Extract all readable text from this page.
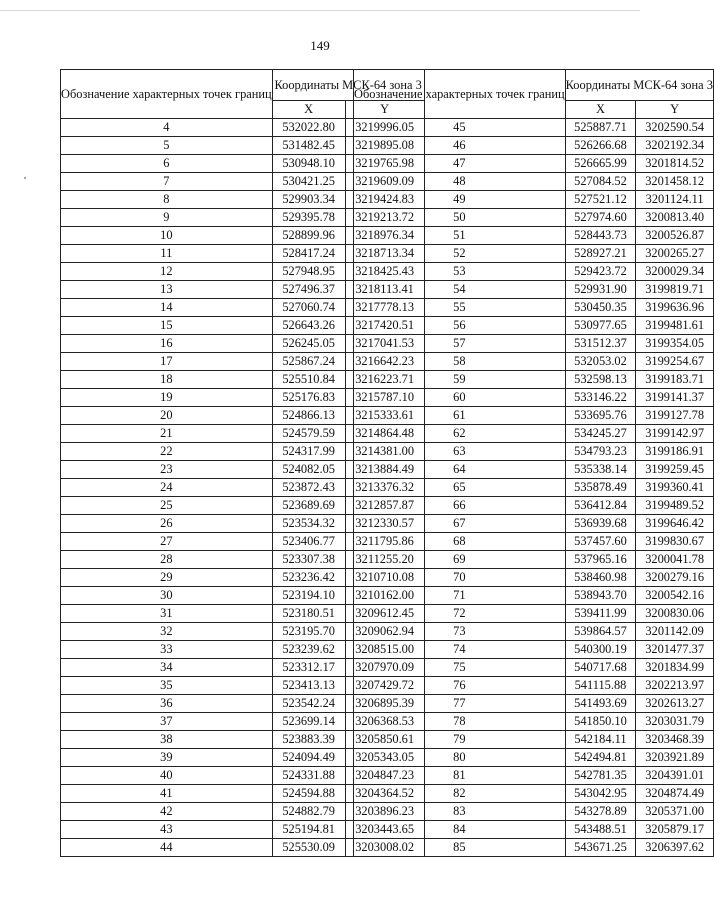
149
Обозначение характерных точек границ	Координаты МСК-64 зона 3	
	X	Y
4	532022.80	3219996.05
5	531482.45	3219895.08
6	530948.10	3219765.98
7	530421.25	3219609.09
8	529903.34	3219424.83
9	529395.78	3219213.72
10	528899.96	3218976.34
11	528417.24	3218713.34
12	527948.95	3218425.43
13	527496.37	3218113.41
14	527060.74	3217778.13
15	526643.26	3217420.51
16	526245.05	3217041.53
17	525867.24	3216642.23
18	525510.84	3216223.71
19	525176.83	3215787.10
20	524866.13	3215333.61
21	524579.59	3214864.48
22	524317.99	3214381.00
23	524082.05	3213884.49
24	523872.43	3213376.32
25	523689.69	3212857.87
26	523534.32	3212330.57
27	523406.77	3211795.86
28	523307.38	3211255.20
29	523236.42	3210710.08
30	523194.10	3210162.00
31	523180.51	3209612.45
32	523195.70	3209062.94
33	523239.62	3208515.00
34	523312.17	3207970.09
35	523413.13	3207429.72
36	523542.24	3206895.39
37	523699.14	3206368.53
38	523883.39	3205850.61
39	524094.49	3205343.05
40	524331.88	3204847.23
41	524594.88	3204364.52
42	524882.79	3203896.23
43	525194.81	3203443.65
44	525530.09	3203008.02
Обозначение характерных точек границ	Координаты МСК-64 зона 3	
	X	Y
45	525887.71	3202590.54
46	526266.68	3202192.34
47	526665.99	3201814.52
48	527084.52	3201458.12
49	527521.12	3201124.11
50	527974.60	3200813.40
51	528443.73	3200526.87
52	528927.21	3200265.27
53	529423.72	3200029.34
54	529931.90	3199819.71
55	530450.35	3199636.96
56	530977.65	3199481.61
57	531512.37	3199354.05
58	532053.02	3199254.67
59	532598.13	3199183.71
60	533146.22	3199141.37
61	533695.76	3199127.78
62	534245.27	3199142.97
63	534793.23	3199186.91
64	535338.14	3199259.45
65	535878.49	3199360.41
66	536412.84	3199489.52
67	536939.68	3199646.42
68	537457.60	3199830.67
69	537965.16	3200041.78
70	538460.98	3200279.16
71	538943.70	3200542.16
72	539411.99	3200830.06
73	539864.57	3201142.09
74	540300.19	3201477.37
75	540717.68	3201834.99
76	541115.88	3202213.97
77	541493.69	3202613.27
78	541850.10	3203031.79
79	542184.11	3203468.39
80	542494.81	3203921.89
81	542781.35	3204391.01
82	543042.95	3204874.49
83	543278.89	3205371.00
84	543488.51	3205879.17
85	543671.25	3206397.62
